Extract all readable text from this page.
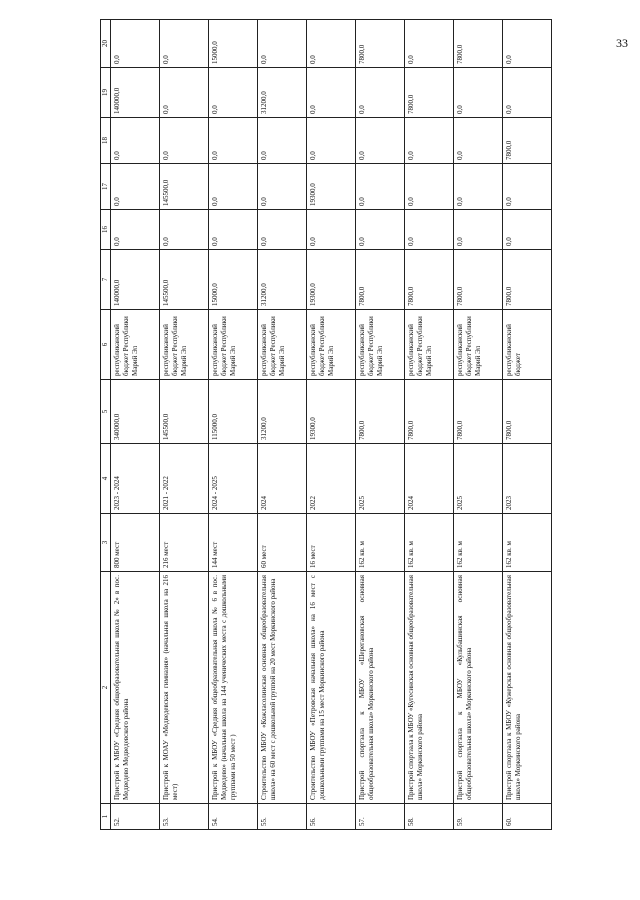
33
1	2	3	4	5	6	7	16	17	18	19	20
52.	Пристрой к МБОУ «Средняя общеобразовательная школа № 2» в пос. Медведево Медведевского района	800 мест	2023 - 2024	340000,0	республиканский бюджет Республики Марий Эл	140000,0	0,0	0,0	0,0	140000,0	0,0
53.	Пристрой к МОАУ «Медведевская гимназия» (начальная школа на 216 мест)	216 мест	2021 - 2022	145500,0	республиканский бюджет Республики Марий Эл	145500,0	0,0	145500,0	0,0	0,0	0,0
54.	Пристрой к МБОУ «Средняя общеобразовательная школа № 6 в пос. Медведево» (начальная школа на 144 ученических места с дошкольными группами на 50 мест )	144 мест	2024 - 2025	115000,0	республиканский бюджет Республики Марий Эл	15000,0	0,0	0,0	0,0	0,0	15000,0
55.	Строительство МБОУ «Кожласолинская основная общеобразовательная школа» на 60 мест с дошкольной группой на 20 мест Моркинского района	60 мест	2024	31200,0	республиканский бюджет Республики Марий Эл	31200,0	0,0	0,0	0,0	31200,0	0,0
56.	Строительство МБОУ «Петровская начальная школа» на 16 мест с дошкольными группами на 15 мест Моркинского района	16 мест	2022	19300,0	республиканский бюджет Республики Марий Эл	19300,0	0,0	19300,0	0,0	0,0	0,0
57.	Пристрой спортзала к МБОУ «Шерегановская основная общеобразовательная школа» Моркинского района	162 кв. м	2025	7800,0	республиканский бюджет Республики Марий Эл	7800,0	0,0	0,0	0,0	0,0	7800,0
58.	Пристрой спортзала к МБОУ «Кугесинская основная общеобразовательная школа» Моркинского района	162 кв. м	2024	7800,0	республиканский бюджет Республики Марий Эл	7800,0	0,0	0,0	0,0	7800,0	0,0
59.	Пристрой спортзала к МБОУ «Кульбашинская основная общеобразовательная школа» Моркинского района	162 кв. м	2025	7800,0	республиканский бюджет Республики Марий Эл	7800,0	0,0	0,0	0,0	0,0	7800,0
60.	Пристрой спортзала к МБОУ «Кужерская основная общеобразовательная школа» Моркинского района	162 кв. м	2023	7800,0	республиканский бюджет	7800,0	0,0	0,0	7800,0	0,0	0,0
